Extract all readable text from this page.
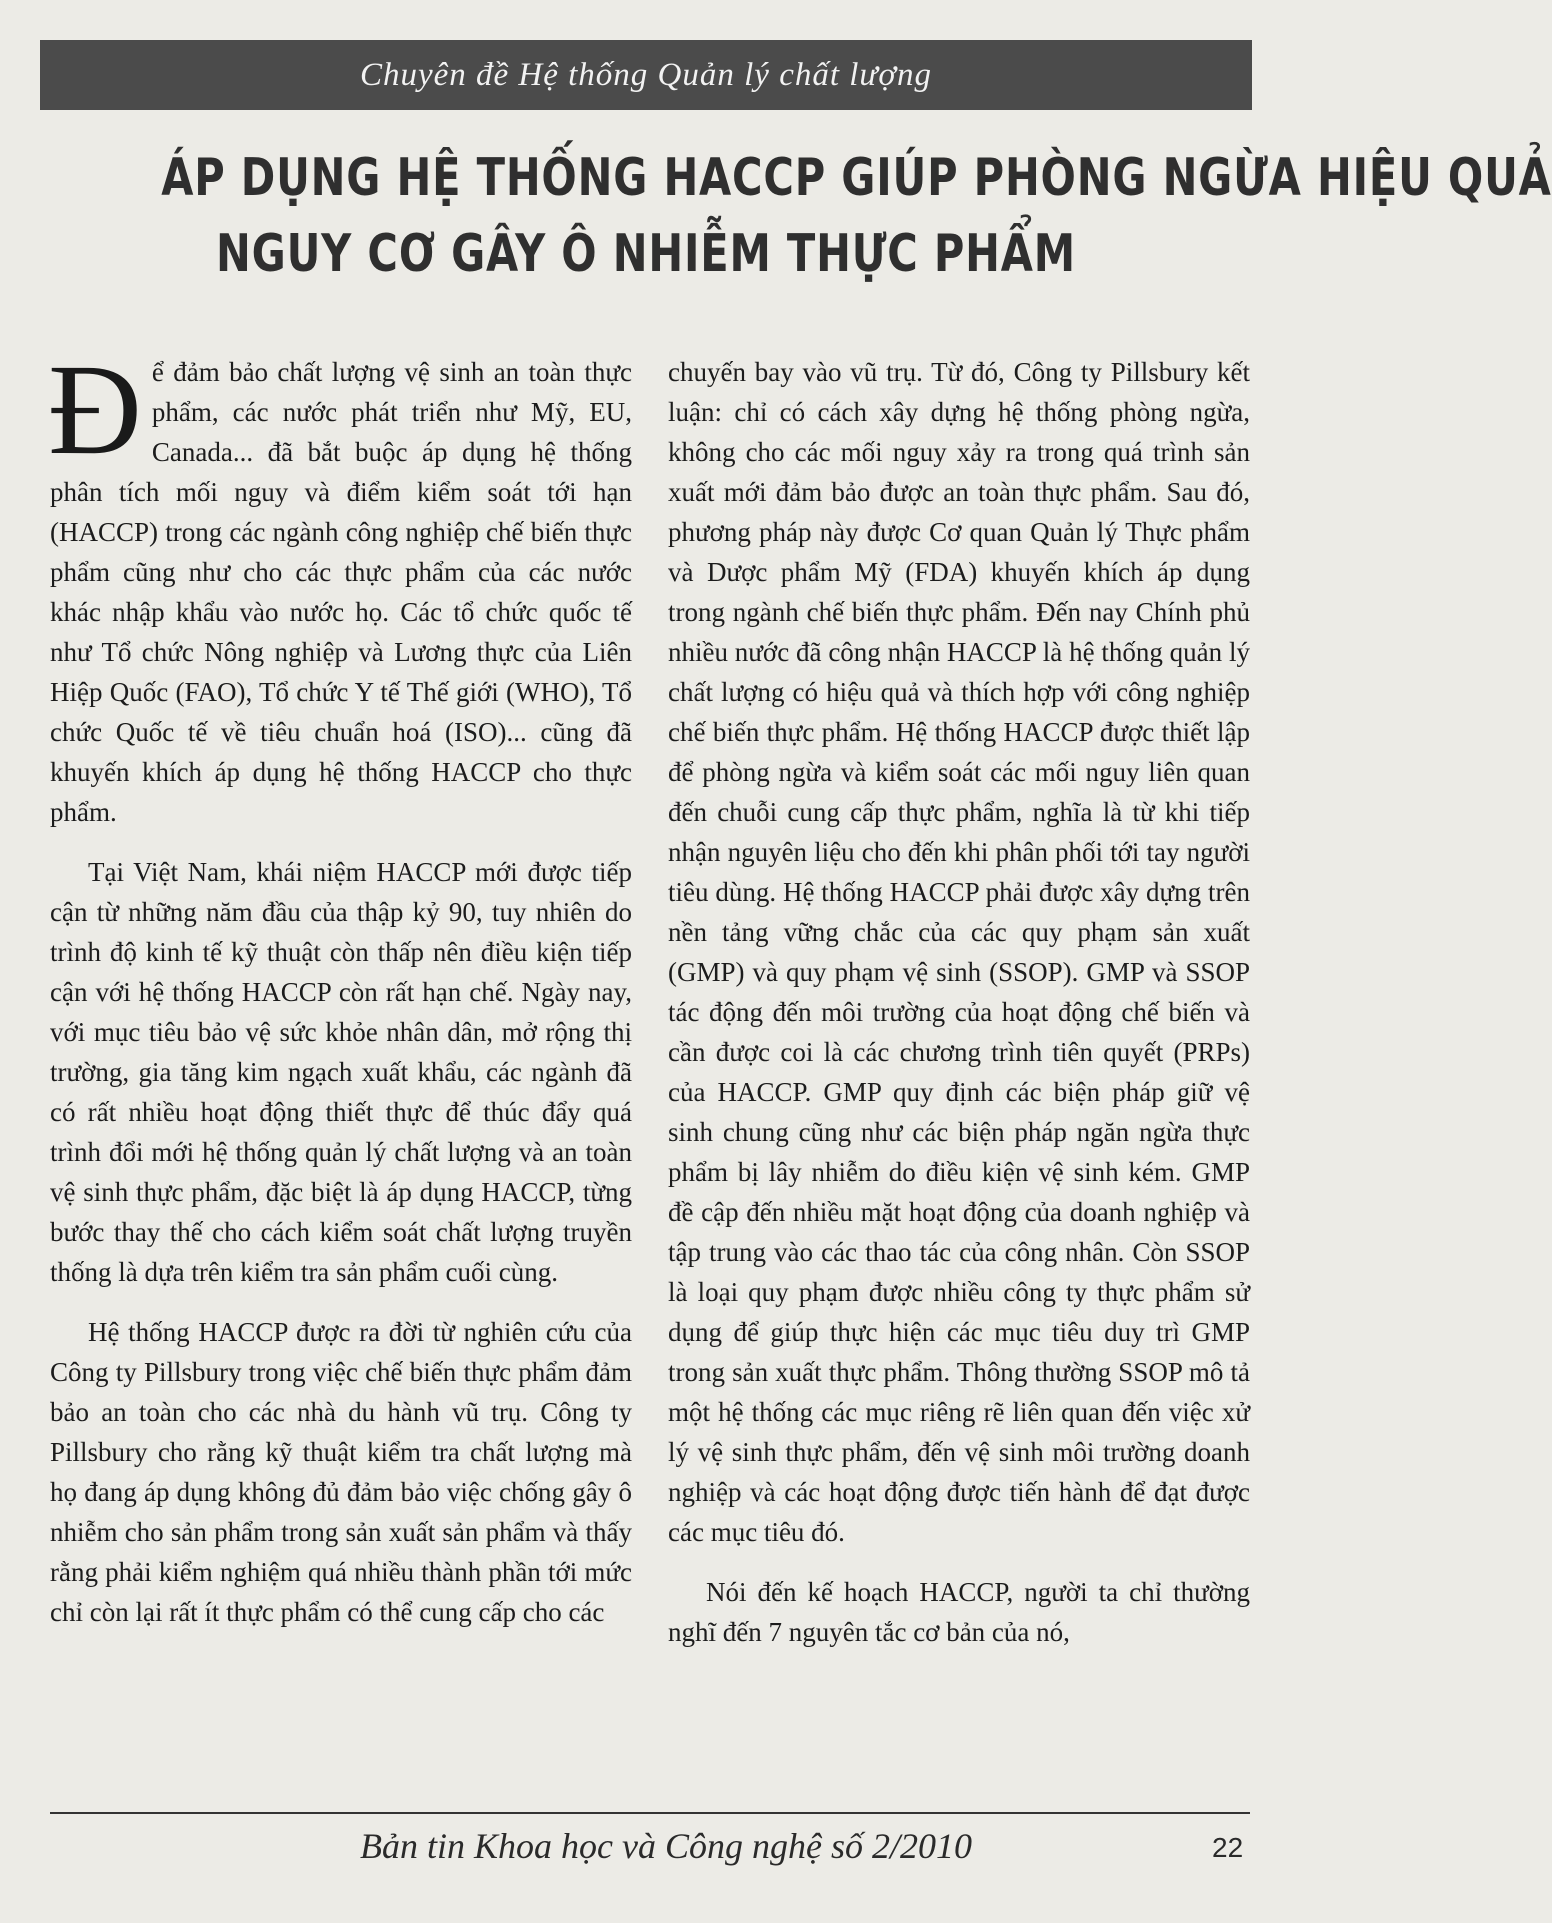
Chuyên đề Hệ thống Quản lý chất lượng
ÁP DỤNG HỆ THỐNG HACCP GIÚP PHÒNG NGỪA HIỆU QUẢ
NGUY CƠ GÂY Ô NHIỄM THỰC PHẨM

Để đảm bảo chất lượng vệ sinh an toàn thực phẩm, các nước phát triển như Mỹ, EU, Canada... đã bắt buộc áp dụng hệ thống phân tích mối nguy và điểm kiểm soát tới hạn (HACCP) trong các ngành công nghiệp chế biến thực phẩm cũng như cho các thực phẩm của các nước khác nhập khẩu vào nước họ. Các tổ chức quốc tế như Tổ chức Nông nghiệp và Lương thực của Liên Hiệp Quốc (FAO), Tổ chức Y tế Thế giới (WHO), Tổ chức Quốc tế về tiêu chuẩn hoá (ISO)... cũng đã khuyến khích áp dụng hệ thống HACCP cho thực phẩm.

Tại Việt Nam, khái niệm HACCP mới được tiếp cận từ những năm đầu của thập kỷ 90, tuy nhiên do trình độ kinh tế kỹ thuật còn thấp nên điều kiện tiếp cận với hệ thống HACCP còn rất hạn chế. Ngày nay, với mục tiêu bảo vệ sức khỏe nhân dân, mở rộng thị trường, gia tăng kim ngạch xuất khẩu, các ngành đã có rất nhiều hoạt động thiết thực để thúc đẩy quá trình đổi mới hệ thống quản lý chất lượng và an toàn vệ sinh thực phẩm, đặc biệt là áp dụng HACCP, từng bước thay thế cho cách kiểm soát chất lượng truyền thống là dựa trên kiểm tra sản phẩm cuối cùng.

Hệ thống HACCP được ra đời từ nghiên cứu của Công ty Pillsbury trong việc chế biến thực phẩm đảm bảo an toàn cho các nhà du hành vũ trụ. Công ty Pillsbury cho rằng kỹ thuật kiểm tra chất lượng mà họ đang áp dụng không đủ đảm bảo việc chống gây ô nhiễm cho sản phẩm trong sản xuất sản phẩm và thấy rằng phải kiểm nghiệm quá nhiều thành phần tới mức chỉ còn lại rất ít thực phẩm có thể cung cấp cho các

chuyến bay vào vũ trụ. Từ đó, Công ty Pillsbury kết luận: chỉ có cách xây dựng hệ thống phòng ngừa, không cho các mối nguy xảy ra trong quá trình sản xuất mới đảm bảo được an toàn thực phẩm. Sau đó, phương pháp này được Cơ quan Quản lý Thực phẩm và Dược phẩm Mỹ (FDA) khuyến khích áp dụng trong ngành chế biến thực phẩm. Đến nay Chính phủ nhiều nước đã công nhận HACCP là hệ thống quản lý chất lượng có hiệu quả và thích hợp với công nghiệp chế biến thực phẩm. Hệ thống HACCP được thiết lập để phòng ngừa và kiểm soát các mối nguy liên quan đến chuỗi cung cấp thực phẩm, nghĩa là từ khi tiếp nhận nguyên liệu cho đến khi phân phối tới tay người tiêu dùng. Hệ thống HACCP phải được xây dựng trên nền tảng vững chắc của các quy phạm sản xuất (GMP) và quy phạm vệ sinh (SSOP). GMP và SSOP tác động đến môi trường của hoạt động chế biến và cần được coi là các chương trình tiên quyết (PRPs) của HACCP. GMP quy định các biện pháp giữ vệ sinh chung cũng như các biện pháp ngăn ngừa thực phẩm bị lây nhiễm do điều kiện vệ sinh kém. GMP đề cập đến nhiều mặt hoạt động của doanh nghiệp và tập trung vào các thao tác của công nhân. Còn SSOP là loại quy phạm được nhiều công ty thực phẩm sử dụng để giúp thực hiện các mục tiêu duy trì GMP trong sản xuất thực phẩm. Thông thường SSOP mô tả một hệ thống các mục riêng rẽ liên quan đến việc xử lý vệ sinh thực phẩm, đến vệ sinh môi trường doanh nghiệp và các hoạt động được tiến hành để đạt được các mục tiêu đó.

Nói đến kế hoạch HACCP, người ta chỉ thường nghĩ đến 7 nguyên tắc cơ bản của nó,

Bản tin Khoa học và Công nghệ số 2/2010	22
